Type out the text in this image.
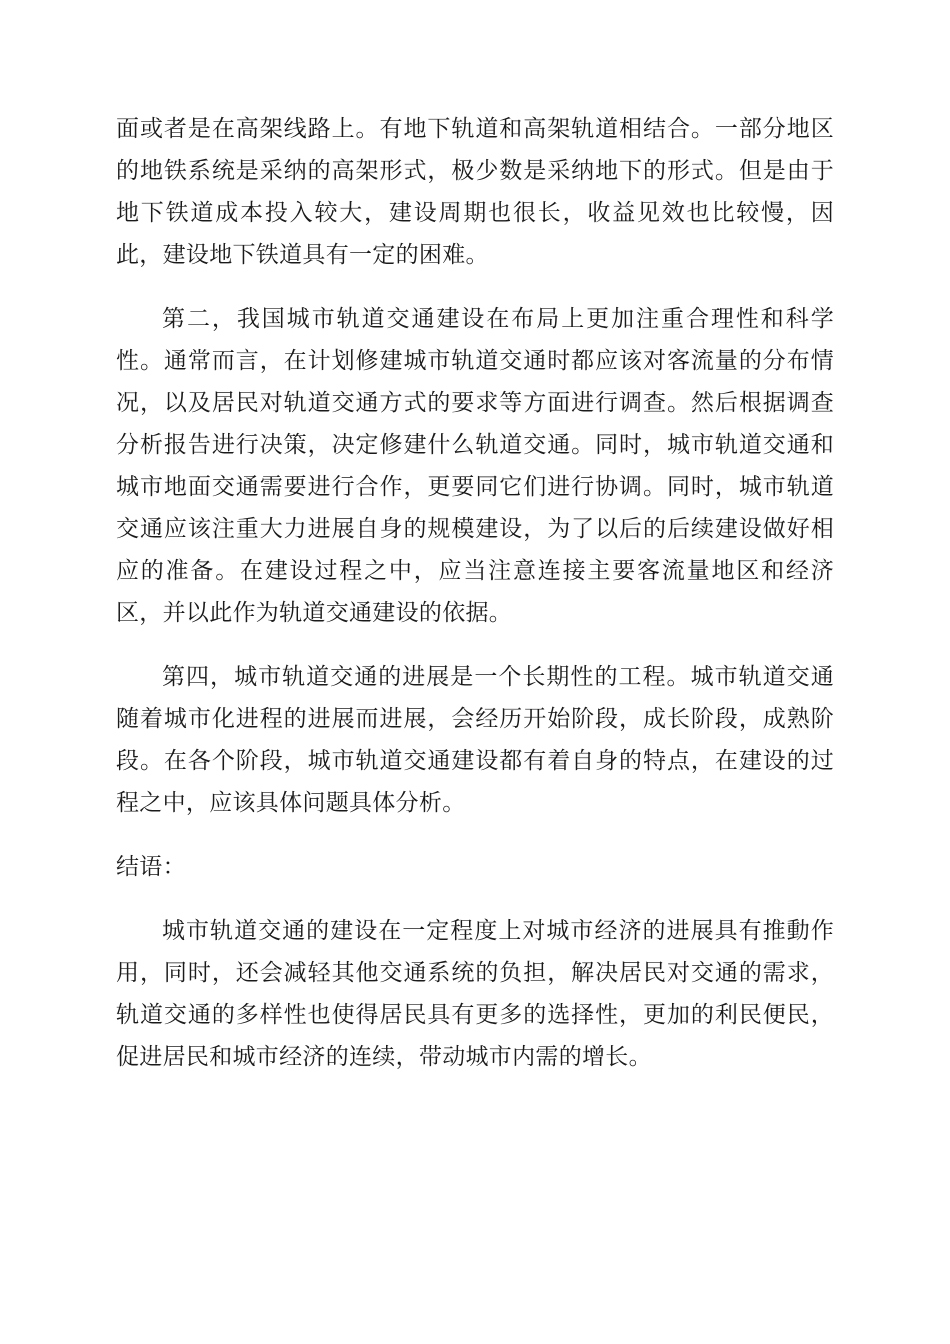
面或者是在高架线路上。有地下轨道和高架轨道相结合。一部分地区的地铁系统是采纳的高架形式，极少数是采纳地下的形式。但是由于地下铁道成本投入较大，建设周期也很长，收益见效也比较慢，因此，建设地下铁道具有一定的困难。

第二，我国城市轨道交通建设在布局上更加注重合理性和科学性。通常而言，在计划修建城市轨道交通时都应该对客流量的分布情况，以及居民对轨道交通方式的要求等方面进行调查。然后根据调查分析报告进行决策，决定修建什么轨道交通。同时，城市轨道交通和城市地面交通需要进行合作，更要同它们进行协调。同时，城市轨道交通应该注重大力进展自身的规模建设，为了以后的后续建设做好相应的准备。在建设过程之中，应当注意连接主要客流量地区和经济区，并以此作为轨道交通建设的依据。

第四，城市轨道交通的进展是一个长期性的工程。城市轨道交通随着城市化进程的进展而进展，会经历开始阶段，成长阶段，成熟阶段。在各个阶段，城市轨道交通建设都有着自身的特点，在建设的过程之中，应该具体问题具体分析。

结语：

城市轨道交通的建设在一定程度上对城市经济的进展具有推動作用，同时，还会减轻其他交通系统的负担，解决居民对交通的需求，轨道交通的多样性也使得居民具有更多的选择性，更加的利民便民，促进居民和城市经济的连续，带动城市内需的增长。
